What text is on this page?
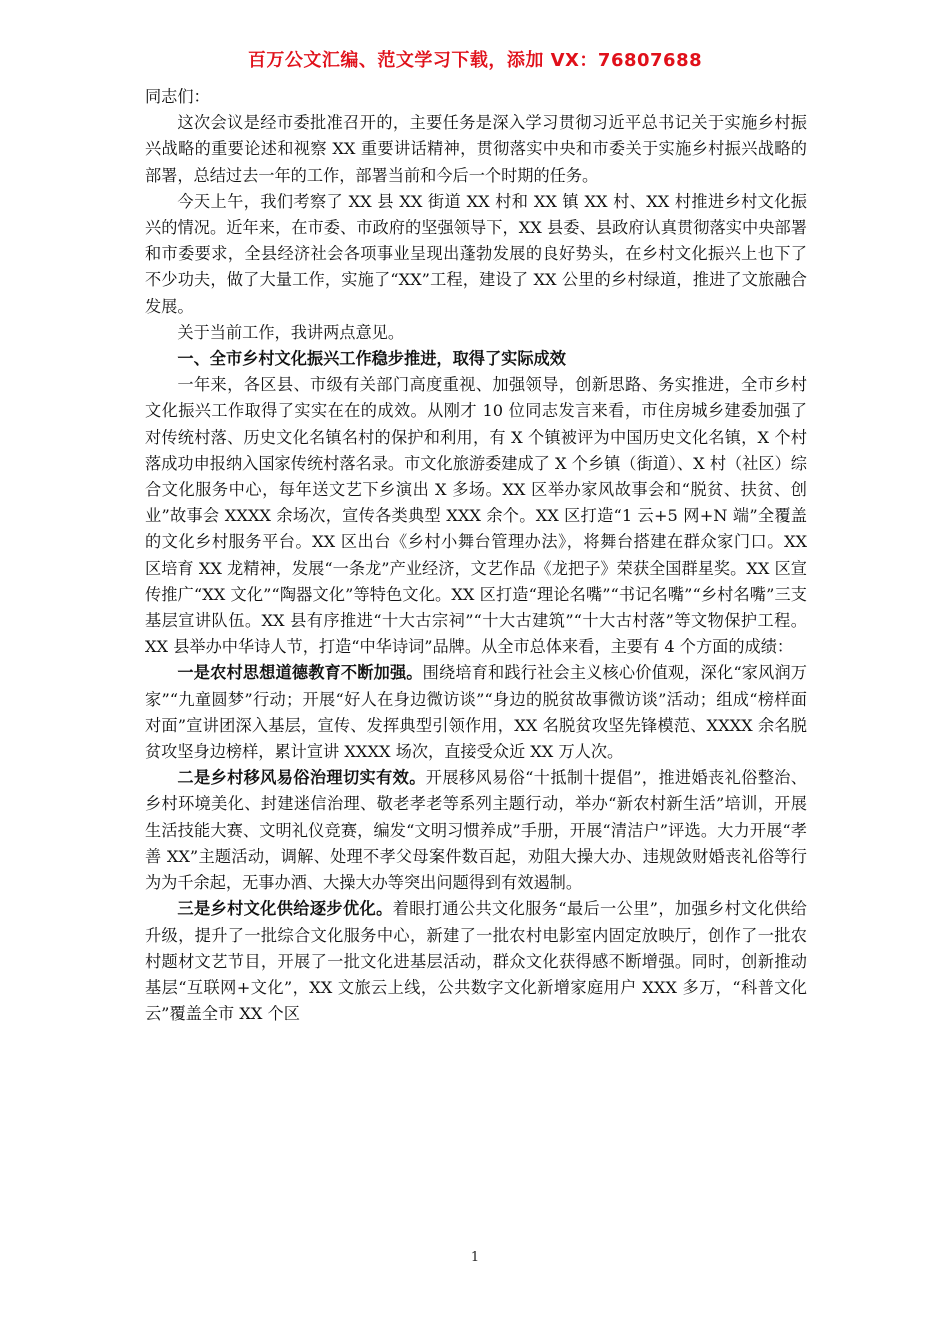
百万公文汇编、范文学习下载，添加 VX：76807688

同志们：

这次会议是经市委批准召开的，主要任务是深入学习贯彻习近平总书记关于实施乡村振兴战略的重要论述和视察 XX 重要讲话精神，贯彻落实中央和市委关于实施乡村振兴战略的部署，总结过去一年的工作，部署当前和今后一个时期的任务。

今天上午，我们考察了 XX 县 XX 街道 XX 村和 XX 镇 XX 村、XX 村推进乡村文化振兴的情况。近年来，在市委、市政府的坚强领导下，XX 县委、县政府认真贯彻落实中央部署和市委要求，全县经济社会各项事业呈现出蓬勃发展的良好势头，在乡村文化振兴上也下了不少功夫，做了大量工作，实施了“XX”工程，建设了 XX 公里的乡村绿道，推进了文旅融合发展。

关于当前工作，我讲两点意见。

一、全市乡村文化振兴工作稳步推进，取得了实际成效

一年来，各区县、市级有关部门高度重视、加强领导，创新思路、务实推进，全市乡村文化振兴工作取得了实实在在的成效。从刚才 10 位同志发言来看，市住房城乡建委加强了对传统村落、历史文化名镇名村的保护和利用，有 X 个镇被评为中国历史文化名镇，X 个村落成功申报纳入国家传统村落名录。市文化旅游委建成了 X 个乡镇（街道）、X 村（社区）综合文化服务中心，每年送文艺下乡演出 X 多场。XX 区举办家风故事会和“脱贫、扶贫、创业”故事会 XXXX 余场次，宣传各类典型 XXX 余个。XX 区打造“1 云+5 网+N 端”全覆盖的文化乡村服务平台。XX 区出台《乡村小舞台管理办法》，将舞台搭建在群众家门口。XX 区培育 XX 龙精神，发展“一条龙”产业经济，文艺作品《龙把子》荣获全国群星奖。XX 区宣传推广“XX 文化”“陶器文化”等特色文化。XX 区打造“理论名嘴”“书记名嘴”“乡村名嘴”三支基层宣讲队伍。XX 县有序推进“十大古宗祠”“十大古建筑”“十大古村落”等文物保护工程。XX 县举办中华诗人节，打造“中华诗词”品牌。从全市总体来看，主要有 4 个方面的成绩：

一是农村思想道德教育不断加强。围绕培育和践行社会主义核心价值观，深化“家风润万家”“九童圆梦”行动；开展“好人在身边微访谈”“身边的脱贫故事微访谈”活动；组成“榜样面对面”宣讲团深入基层，宣传、发挥典型引领作用，XX 名脱贫攻坚先锋模范、XXXX 余名脱贫攻坚身边榜样，累计宣讲 XXXX 场次，直接受众近 XX 万人次。

二是乡村移风易俗治理切实有效。开展移风易俗“十抵制十提倡”，推进婚丧礼俗整治、乡村环境美化、封建迷信治理、敬老孝老等系列主题行动，举办“新农村新生活”培训，开展生活技能大赛、文明礼仪竞赛，编发“文明习惯养成”手册，开展“清洁户”评选。大力开展“孝善 XX”主题活动，调解、处理不孝父母案件数百起，劝阻大操大办、违规敛财婚丧礼俗等行为为千余起，无事办酒、大操大办等突出问题得到有效遏制。

三是乡村文化供给逐步优化。着眼打通公共文化服务“最后一公里”，加强乡村文化供给升级，提升了一批综合文化服务中心，新建了一批农村电影室内固定放映厅，创作了一批农村题材文艺节目，开展了一批文化进基层活动，群众文化获得感不断增强。同时，创新推动基层“互联网+文化”，XX 文旅云上线，公共数字文化新增家庭用户 XXX 多万，“科普文化云”覆盖全市 XX 个区

1
